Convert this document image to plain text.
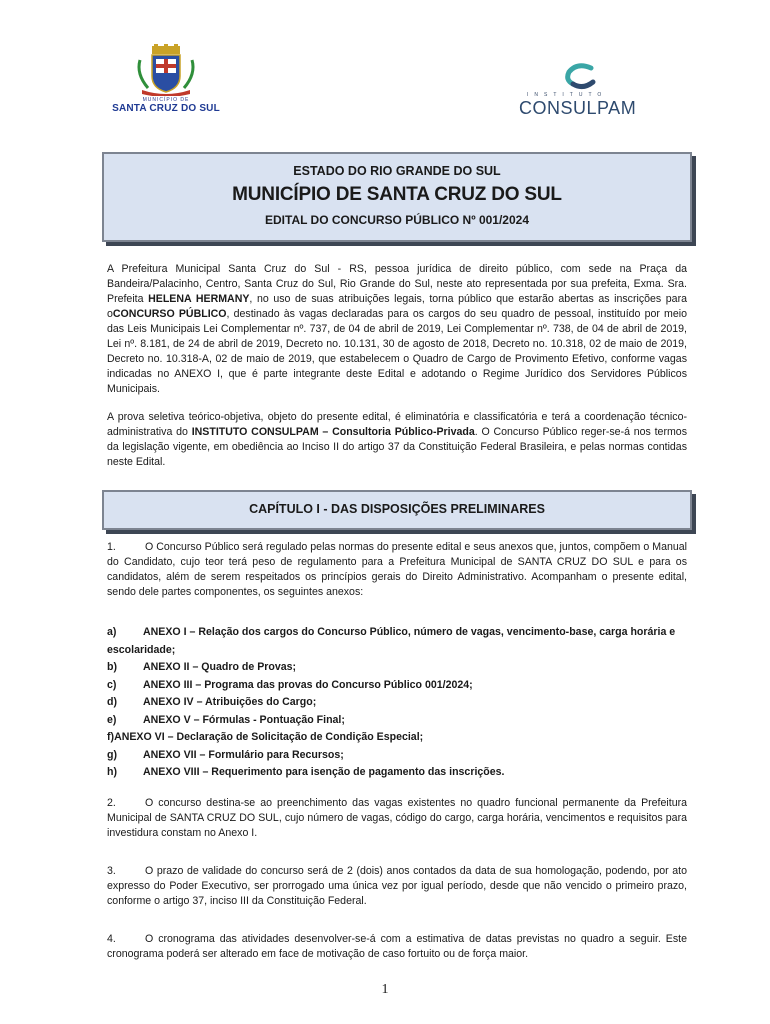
MUNICÍPIO DE
SANTA CRUZ DO SUL
INSTITUTO
CONSULPAM
ESTADO DO RIO GRANDE DO SUL
MUNICÍPIO DE SANTA CRUZ DO SUL
EDITAL DO CONCURSO PÚBLICO Nº 001/2024

A Prefeitura Municipal Santa Cruz do Sul - RS, pessoa jurídica de direito público, com sede na Praça da Bandeira/Palacinho, Centro, Santa Cruz do Sul, Rio Grande do Sul, neste ato representada por sua prefeita, Exma. Sra. Prefeita HELENA HERMANY, no uso de suas atribuições legais, torna público que estarão abertas as inscrições para oCONCURSO PÚBLICO, destinado às vagas declaradas para os cargos do seu quadro de pessoal, instituído por meio das Leis Municipais Lei Complementar nº. 737, de 04 de abril de 2019, Lei Complementar nº. 738, de 04 de abril de 2019, Lei nº. 8.181, de 24 de abril de 2019, Decreto no. 10.131, 30 de agosto de 2018, Decreto no. 10.318, 02 de maio de 2019, Decreto no. 10.318-A, 02 de maio de 2019, que estabelecem o Quadro de Cargo de Provimento Efetivo, conforme vagas indicadas no ANEXO I, que é parte integrante deste Edital e adotando o Regime Jurídico dos Servidores Públicos Municipais.

A prova seletiva teórico-objetiva, objeto do presente edital, é eliminatória e classificatória e terá a coordenação técnico-administrativa do INSTITUTO CONSULPAM – Consultoria Público-Privada. O Concurso Público reger-se-á nos termos da legislação vigente, em obediência ao Inciso II do artigo 37 da Constituição Federal Brasileira, e pelas normas contidas neste Edital.

CAPÍTULO I - DAS DISPOSIÇÕES PRELIMINARES

1.	O Concurso Público será regulado pelas normas do presente edital e seus anexos que, juntos, compõem o Manual do Candidato, cujo teor terá peso de regulamento para a Prefeitura Municipal de SANTA CRUZ DO SUL e para os candidatos, além de serem respeitados os princípios gerais do Direito Administrativo. Acompanham o presente edital, sendo dele partes componentes, os seguintes anexos:

a)	ANEXO I – Relação dos cargos do Concurso Público, número de vagas, vencimento-base, carga horária e escolaridade;
b)	ANEXO II – Quadro de Provas;
c)	ANEXO III – Programa das provas do Concurso Público 001/2024;
d)	ANEXO IV – Atribuições do Cargo;
e)	ANEXO V – Fórmulas - Pontuação Final;
f) ANEXO VI – Declaração de Solicitação de Condição Especial;
g)	ANEXO VII – Formulário para Recursos;
h)	ANEXO VIII – Requerimento para isenção de pagamento das inscrições.

2.	O concurso destina-se ao preenchimento das vagas existentes no quadro funcional permanente da Prefeitura Municipal de SANTA CRUZ DO SUL, cujo número de vagas, código do cargo, carga horária, vencimentos e requisitos para investidura constam no Anexo I.

3.	O prazo de validade do concurso será de 2 (dois) anos contados da data de sua homologação, podendo, por ato expresso do Poder Executivo, ser prorrogado uma única vez por igual período, desde que não vencido o primeiro prazo, conforme o artigo 37, inciso III da Constituição Federal.

4.	O cronograma das atividades desenvolver-se-á com a estimativa de datas previstas no quadro a seguir. Este cronograma poderá ser alterado em face de motivação de caso fortuito ou de força maior.

1
